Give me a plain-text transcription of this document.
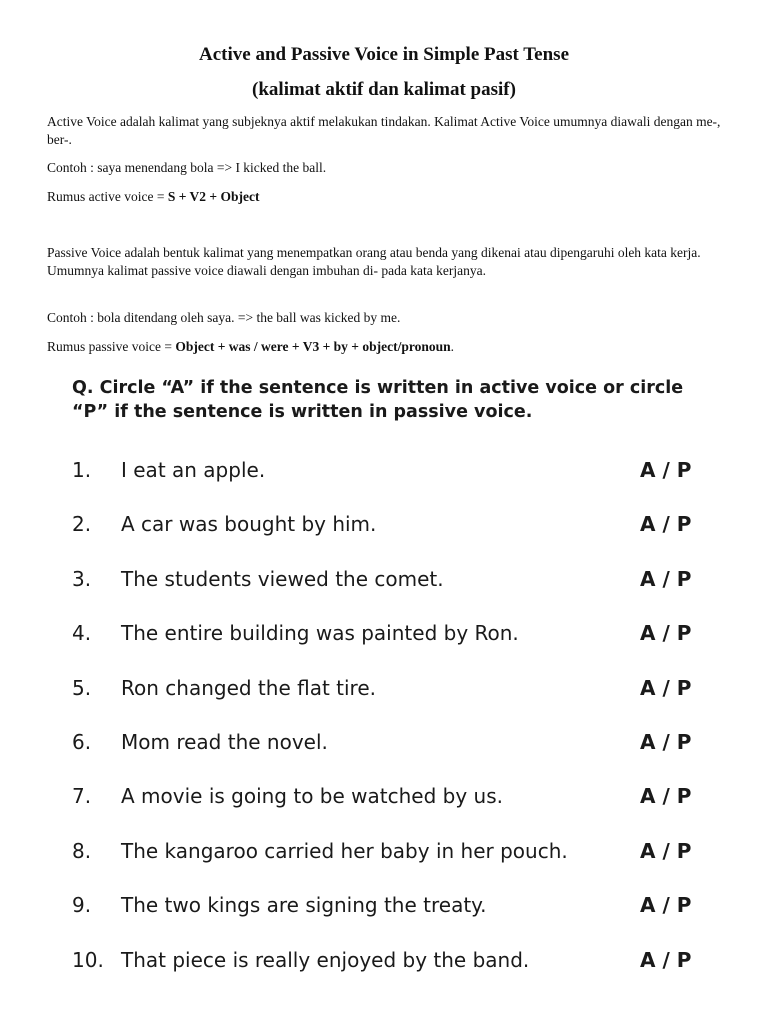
Active and Passive Voice in Simple Past Tense
(kalimat aktif dan kalimat pasif)

Active Voice adalah kalimat yang subjeknya aktif melakukan tindakan. Kalimat Active Voice umumnya diawali dengan me-, ber-.

Contoh : saya menendang bola => I kicked the ball.

Rumus active voice = S + V2 + Object

Passive Voice adalah bentuk kalimat yang menempatkan orang atau benda yang dikenai atau dipengaruhi oleh kata kerja. Umumnya kalimat passive voice diawali dengan imbuhan di- pada kata kerjanya.

Contoh : bola ditendang oleh saya. => the ball was kicked by me.

Rumus passive voice = Object + was / were + V3 + by + object/pronoun.

Q. Circle “A” if the sentence is written in active voice or circle “P” if the sentence is written in passive voice.

1. I eat an apple.	A / P
2. A car was bought by him.	A / P
3. The students viewed the comet.	A / P
4. The entire building was painted by Ron.	A / P
5. Ron changed the flat tire.	A / P
6. Mom read the novel.	A / P
7. A movie is going to be watched by us.	A / P
8. The kangaroo carried her baby in her pouch.	A / P
9. The two kings are signing the treaty.	A / P
10. That piece is really enjoyed by the band.	A / P
